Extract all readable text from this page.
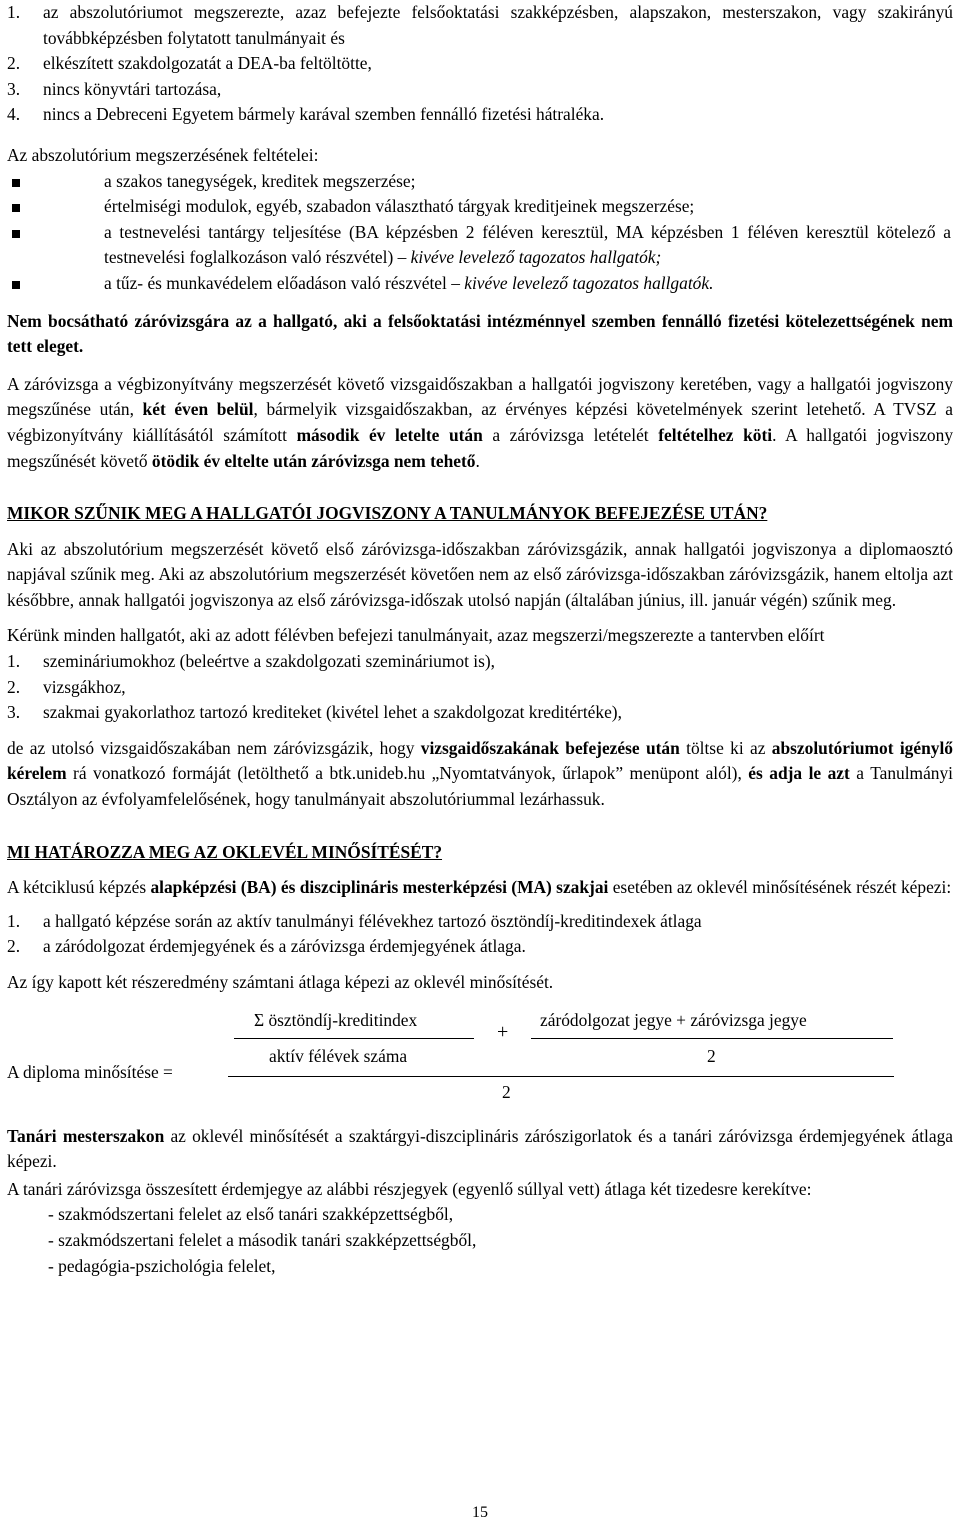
1.	az abszolutóriumot megszerezte, azaz befejezte felsőoktatási szakképzésben, alapszakon, mesterszakon, vagy szakirányú továbbképzésben folytatott tanulmányait és
2.	elkészített szakdolgozatát a DEA-ba feltöltötte,
3.	nincs könyvtári tartozása,
4.	nincs a Debreceni Egyetem bármely karával szemben fennálló fizetési hátraléka.

Az abszolutórium megszerzésének feltételei:

a szakos tanegységek, kreditek megszerzése;
értelmiségi modulok, egyéb, szabadon választható tárgyak kreditjeinek megszerzése;
a testnevelési tantárgy teljesítése (BA képzésben 2 féléven keresztül, MA képzésben 1 féléven keresztül kötelező a testnevelési foglalkozáson való részvétel) – kivéve levelező tagozatos hallgatók;
a tűz- és munkavédelem előadáson való részvétel – kivéve levelező tagozatos hallgatók.

Nem bocsátható záróvizsgára az a hallgató, aki a felsőoktatási intézménnyel szemben fennálló fizetési kötelezettségének nem tett eleget.

A záróvizsga a végbizonyítvány megszerzését követő vizsgaidőszakban a hallgatói jogviszony keretében, vagy a hallgatói jogviszony megszűnése után, két éven belül, bármelyik vizsgaidőszakban, az érvényes képzési követelmények szerint letehető. A TVSZ a végbizonyítvány kiállításától számított második év letelte után a záróvizsga letételét feltételhez köti. A hallgatói jogviszony megszűnését követő ötödik év eltelte után záróvizsga nem tehető.

MIKOR SZŰNIK MEG A HALLGATÓI JOGVISZONY A TANULMÁNYOK BEFEJEZÉSE UTÁN?

Aki az abszolutórium megszerzését követő első záróvizsga-időszakban záróvizsgázik, annak hallgatói jogviszonya a diplomaosztó napjával szűnik meg. Aki az abszolutórium megszerzését követően nem az első záróvizsga-időszakban záróvizsgázik, hanem eltolja azt későbbre, annak hallgatói jogviszonya az első záróvizsga-időszak utolsó napján (általában június, ill. január végén) szűnik meg.

Kérünk minden hallgatót, aki az adott félévben befejezi tanulmányait, azaz megszerzi/megszerezte a tantervben előírt

1.	szemináriumokhoz (beleértve a szakdolgozati szemináriumot is),
2.	vizsgákhoz,
3.	szakmai gyakorlathoz tartozó krediteket (kivétel lehet a szakdolgozat kreditértéke),

de az utolsó vizsgaidőszakában nem záróvizsgázik, hogy vizsgaidőszakának befejezése után töltse ki az abszolutóriumot igénylő kérelem rá vonatkozó formáját (letölthető a btk.unideb.hu „Nyomtatványok, űrlapok” menüpont alól), és adja le azt a Tanulmányi Osztályon az évfolyamfelelősének, hogy tanulmányait abszolutóriummal lezárhassuk.

MI HATÁROZZA MEG AZ OKLEVÉL MINŐSÍTÉSÉT?

A kétciklusú képzés alapképzési (BA) és diszciplináris mesterképzési (MA) szakjai esetében az oklevél minősítésének részét képezi:

1.	a hallgató képzése során az aktív tanulmányi félévekhez tartozó ösztöndíj-kreditindexek átlaga
2.	a záródolgozat érdemjegyének és a záróvizsga érdemjegyének átlaga.

Az így kapott két részeredmény számtani átlaga képezi az oklevél minősítését.

Σ ösztöndíj-kreditindex
aktív félévek száma
+
záródolgozat jegye + záróvizsga jegye
2
A diploma minősítése =
2

Tanári mesterszakon az oklevél minősítését a szaktárgyi-diszciplináris zárószigorlatok és a tanári záróvizsga érdemjegyének átlaga képezi.

A tanári záróvizsga összesített érdemjegye az alábbi részjegyek (egyenlő súllyal vett) átlaga két tizedesre kerekítve:

- szakmódszertani felelet az első tanári szakképzettségből,

- szakmódszertani felelet a második tanári szakképzettségből,

- pedagógia-pszichológia felelet,

15
